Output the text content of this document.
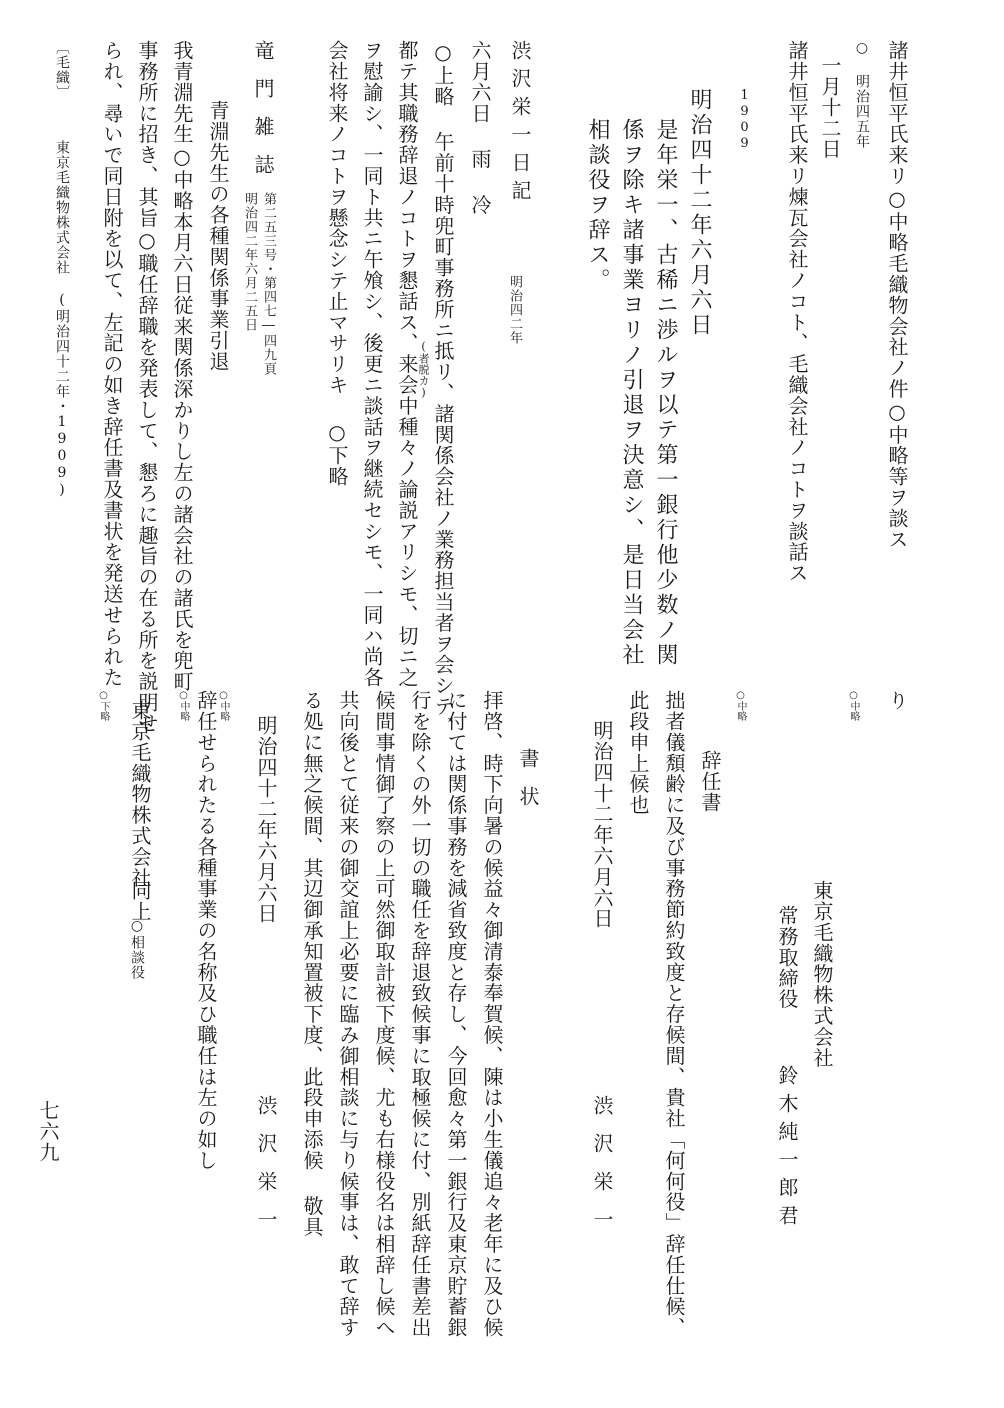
諸井恒平氏来リ○中略毛織物会社ノ件○中略等ヲ談ス
○ 明治四五年
一月十二日
諸井恒平氏来リ煉瓦会社ノコト、毛織会社ノコトヲ談話ス
1909
明治四十二年六月六日
是年栄一、古稀ニ渉ルヲ以テ第一銀行他少数ノ関
係ヲ除キ諸事業ヨリノ引退ヲ決意シ、是日当会社
相談役ヲ辞ス。
渋沢栄一日記
明治四二年
六月六日 雨 冷
○上略 午前十時兜町事務所ニ抵リ、諸関係会社ノ業務担当者ヲ会シテ、
(者脱カ)
都テ其職務辞退ノコトヲ懇話ス、来会中種々ノ論説アリシモ、切ニ之
ヲ慰諭シ、一同ト共ニ午飧シ、後更ニ談話ヲ継続セシモ、一同ハ尚各
会社将来ノコトヲ懸念シテ止マサリキ ○下略
竜門雑誌
第二五三号・第四七―四九頁
明治四二年六月二五日
青淵先生の各種関係事業引退
我青淵先生○中略本月六日従来関係深かりし左の諸会社の諸氏を兜町
事務所に招き、其旨○職任辞職を発表して、懇ろに趣旨の在る所を説明せ
られ、尋いで同日附を以て、左記の如き辞任書及書状を発送せられた
〔毛織〕
東京毛織物株式会社 (明治四十二年・1909)
り
○中略
東京毛織物株式会社
常務取締役
鈴木純一郎君
○中略
辞任書
拙者儀頽齢に及び事務節約致度と存候間、貴社「何何役」辞任仕候、
此段申上候也
明治四十二年六月六日
渋沢栄一
書状
拝啓、時下向暑の候益々御清泰奉賀候、陳は小生儀追々老年に及ひ候
に付ては関係事務を減省致度と存し、今回愈々第一銀行及東京貯蓄銀
行を除くの外一切の職任を辞退致候事に取極候に付、別紙辞任書差出
候間事情御了察の上可然御取計被下度候、尤も右様役名は相辞し候へ
共向後とて従来の御交誼上必要に臨み御相談に与り候事は、敢て辞す
る処に無之候間、其辺御承知置被下度、此段申添候 敬具
明治四十二年六月六日
渋沢栄一
○中略
辞任せられたる各種事業の名称及ひ職任は左の如し
○中略
東京毛織物株式会社
同上
○相談役
○下略
七六九
